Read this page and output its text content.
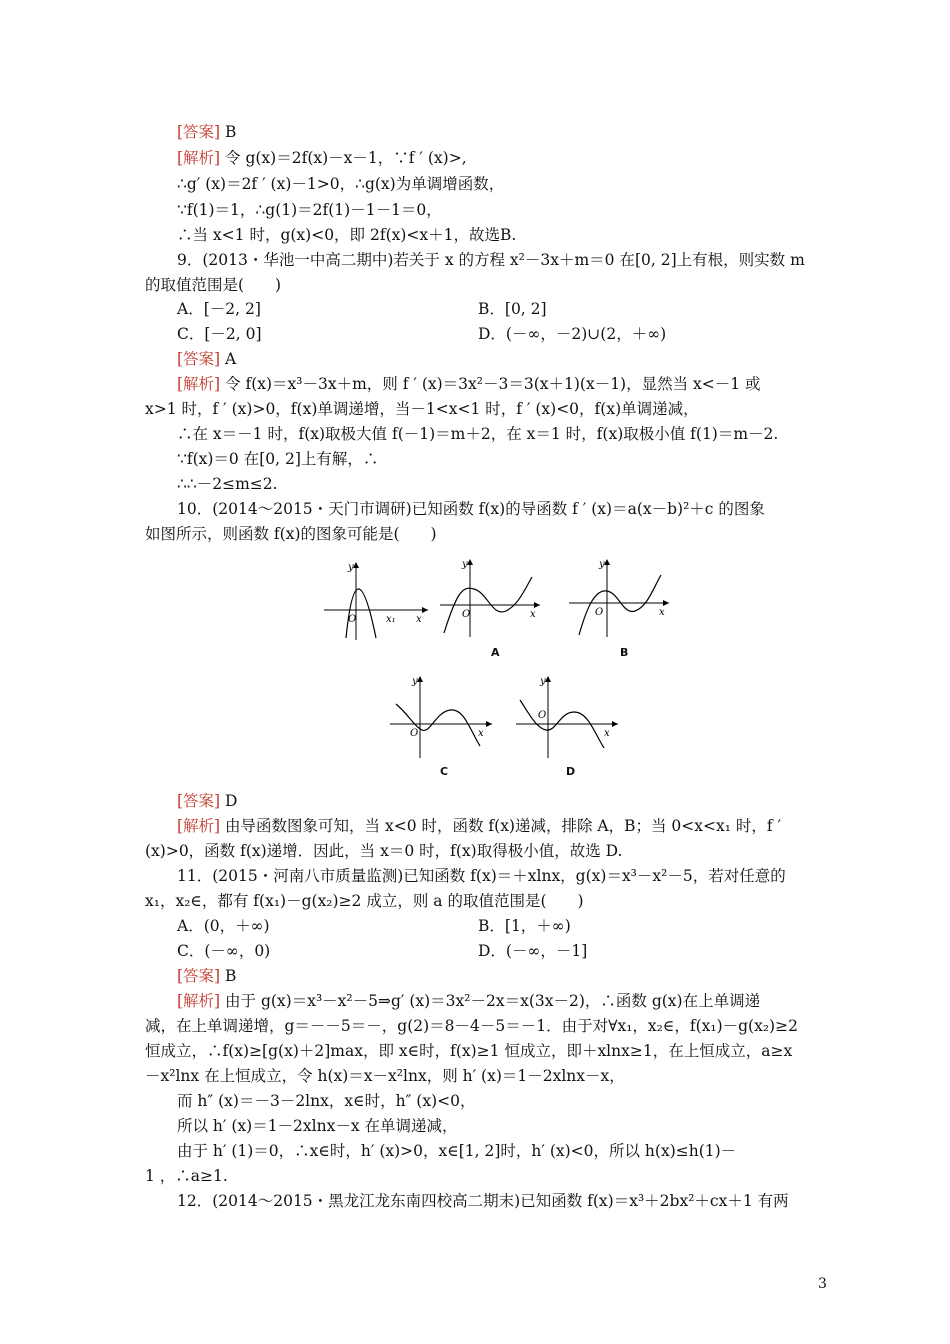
[答案] B
[解析] 令 g(x)＝2f(x)－x－1，∵f ′ (x)>,
∴g′ (x)＝2f ′ (x)－1>0，∴g(x)为单调增函数，
∵f(1)＝1，∴g(1)＝2f(1)－1－1＝0，
∴当 x<1 时，g(x)<0，即 2f(x)<x＋1，故选B.
9．(2013・华池一中高二期中)若关于 x 的方程 x²－3x＋m＝0 在[0, 2]上有根，则实数 m
的取值范围是(　　)
A．[－2, 2]	B．[0, 2]
C．[－2, 0]	D．(－∞，－2)∪(2，＋∞)
[答案] A
[解析] 令 f(x)＝x³－3x＋m，则 f ′ (x)＝3x²－3＝3(x＋1)(x－1)，显然当 x<－1 或
x>1 时，f ′ (x)>0，f(x)单调递增，当－1<x<1 时，f ′ (x)<0，f(x)单调递减，
∴在 x＝－1 时，f(x)取极大值 f(－1)＝m＋2，在 x＝1 时，f(x)取极小值 f(1)＝m－2.
∵f(x)＝0 在[0, 2]上有解，∴
∴∴－2≤m≤2.
10．(2014～2015・天门市调研)已知函数 f(x)的导函数 f ′ (x)＝a(x－b)²＋c 的图象
如图所示，则函数 f(x)的图象可能是(　　)
y
O	x₁ x
y
O	x
A
y
O	x
B
y
O	x
C
y
O
x
D
[答案] D
[解析] 由导函数图象可知，当 x<0 时，函数 f(x)递减，排除 A，B；当 0<x<x₁ 时，f ′
(x)>0，函数 f(x)递增．因此，当 x＝0 时，f(x)取得极小值，故选 D.
11．(2015・河南八市质量监测)已知函数 f(x)＝＋xlnx，g(x)＝x³－x²－5，若对任意的
x₁，x₂∈，都有 f(x₁)－g(x₂)≥2 成立，则 a 的取值范围是(　　)
A．(0，＋∞)	B．[1，＋∞)
C．(－∞，0)	D．(－∞，－1]
[答案] B
[解析] 由于 g(x)＝x³－x²－5⇒g′ (x)＝3x²－2x＝x(3x－2)，∴函数 g(x)在上单调递
减，在上单调递增，g＝－－5＝－，g(2)＝8－4－5＝－1．由于对∀x₁，x₂∈，f(x₁)－g(x₂)≥2
恒成立，∴f(x)≥[g(x)＋2]max，即 x∈时，f(x)≥1 恒成立，即＋xlnx≥1，在上恒成立，a≥x
－x²lnx 在上恒成立，令 h(x)＝x－x²lnx，则 h′ (x)＝1－2xlnx－x，
而 h″ (x)＝－3－2lnx，x∈时，h″ (x)<0，
所以 h′ (x)＝1－2xlnx－x 在单调递减，
由于 h′ (1)＝0，∴x∈时，h′ (x)>0，x∈[1, 2]时，h′ (x)<0，所以 h(x)≤h(1)－
1 ，∴a≥1.
12．(2014～2015・黑龙江龙东南四校高二期末)已知函数 f(x)＝x³＋2bx²＋cx＋1 有两
3
